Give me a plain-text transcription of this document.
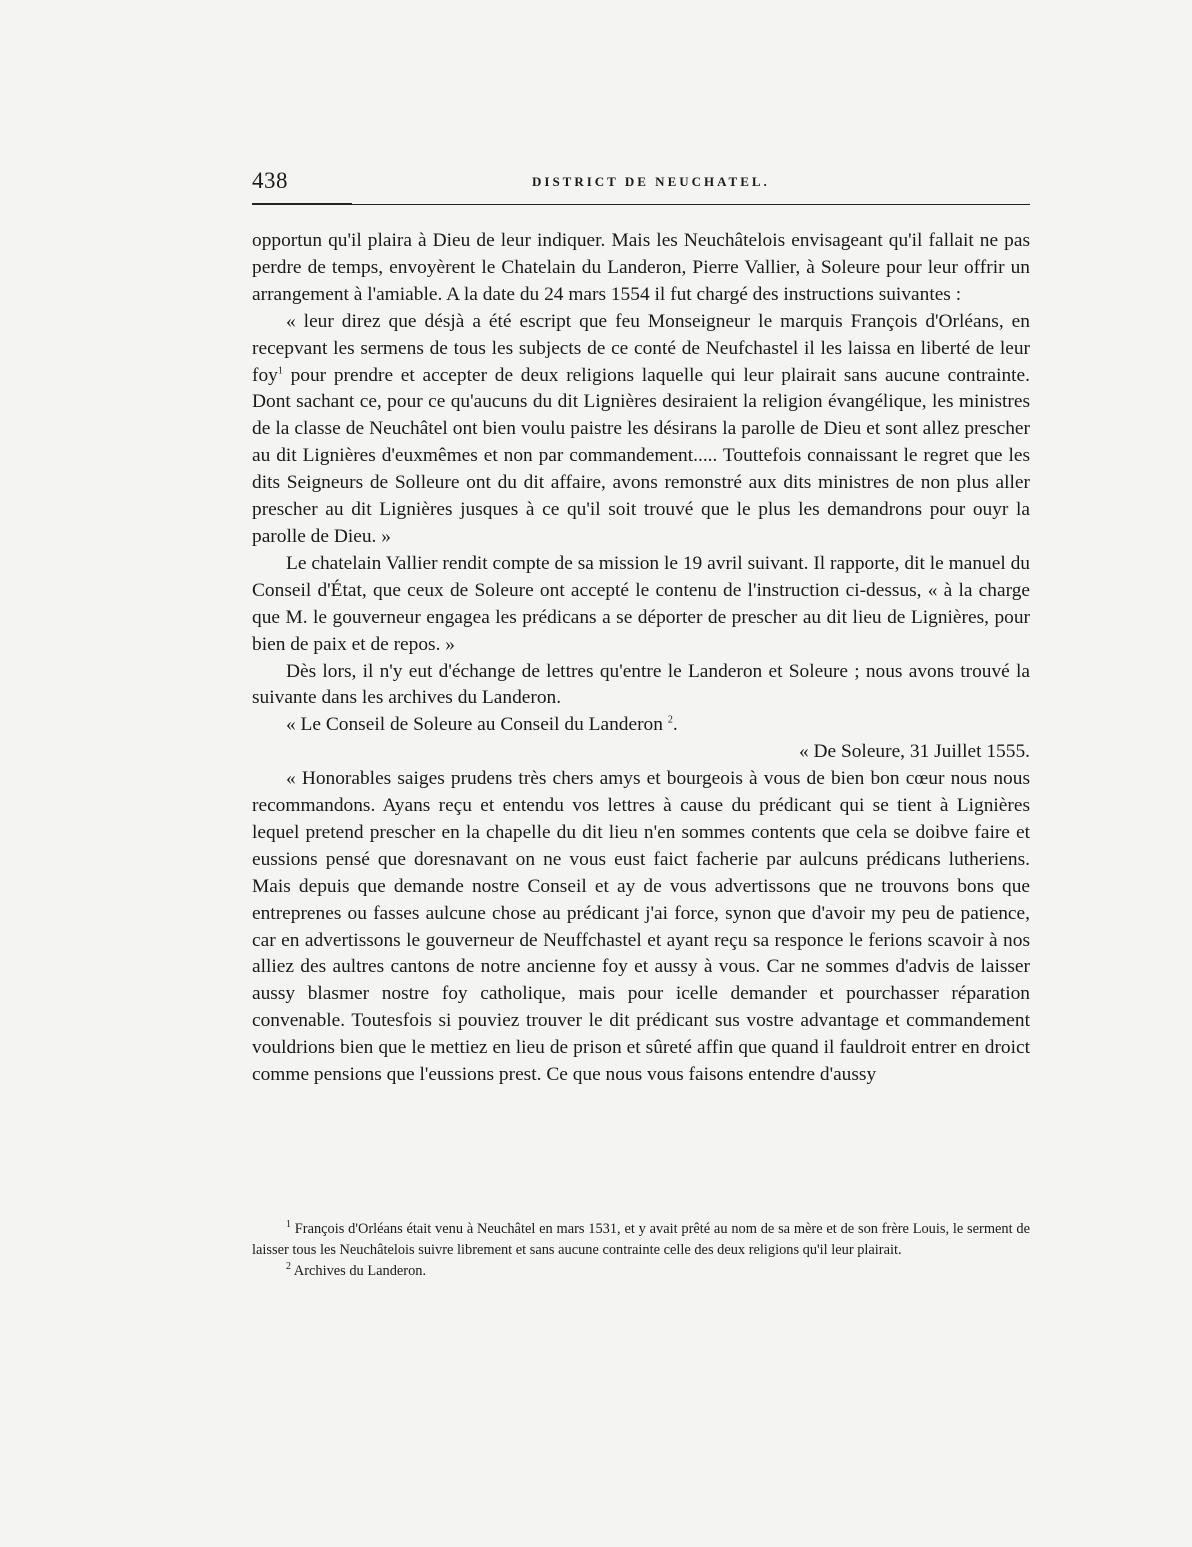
438	DISTRICT DE NEUCHATEL.

opportun qu'il plaira à Dieu de leur indiquer. Mais les Neuchâtelois envisageant qu'il fallait ne pas perdre de temps, envoyèrent le Chatelain du Landeron, Pierre Vallier, à Soleure pour leur offrir un arrangement à l'amiable. A la date du 24 mars 1554 il fut chargé des instructions suivantes :

« leur direz que désjà a été escript que feu Monseigneur le marquis François d'Orléans, en recepvant les sermens de tous les subjects de ce conté de Neufchastel il les laissa en liberté de leur foy$^1$ pour prendre et accepter de deux religions laquelle qui leur plairait sans aucune contrainte. Dont sachant ce, pour ce qu'aucuns du dit Lignières desiraient la religion évangélique, les ministres de la classe de Neuchâtel ont bien voulu paistre les désirans la parolle de Dieu et sont allez prescher au dit Lignières d'euxmêmes et non par commandement..... Touttefois connaissant le regret que les dits Seigneurs de Solleure ont du dit affaire, avons remonstré aux dits ministres de non plus aller prescher au dit Lignières jusques à ce qu'il soit trouvé que le plus les demandrons pour ouyr la parolle de Dieu. »

Le chatelain Vallier rendit compte de sa mission le 19 avril suivant. Il rapporte, dit le manuel du Conseil d'État, que ceux de Soleure ont accepté le contenu de l'instruction ci-dessus, « à la charge que M. le gouverneur engagea les prédicans a se déporter de prescher au dit lieu de Lignières, pour bien de paix et de repos. »

Dès lors, il n'y eut d'échange de lettres qu'entre le Landeron et Soleure ; nous avons trouvé la suivante dans les archives du Landeron.

« Le Conseil de Soleure au Conseil du Landeron $^2$.

« De Soleure, 31 Juillet 1555.

« Honorables saiges prudens très chers amys et bourgeois à vous de bien bon cœur nous nous recommandons. Ayans reçu et entendu vos lettres à cause du prédicant qui se tient à Lignières lequel pretend prescher en la chapelle du dit lieu n'en sommes contents que cela se doibve faire et eussions pensé que doresnavant on ne vous eust faict facherie par aulcuns prédicans lutheriens. Mais depuis que demande nostre Conseil et ay de vous advertissons que ne trouvons bons que entreprenes ou fasses aulcune chose au prédicant j'ai force, synon que d'avoir my peu de patience, car en advertissons le gouverneur de Neuffchastel et ayant reçu sa responce le ferions scavoir à nos alliez des aultres cantons de notre ancienne foy et aussy à vous. Car ne sommes d'advis de laisser aussy blasmer nostre foy catholique, mais pour icelle demander et pourchasser réparation convenable. Toutesfois si pouviez trouver le dit prédicant sus vostre advantage et commandement vouldrions bien que le mettiez en lieu de prison et sûreté affin que quand il fauldroit entrer en droict comme pensions que l'eussions prest. Ce que nous vous faisons entendre d'aussy

$^1$ François d'Orléans était venu à Neuchâtel en mars 1531, et y avait prêté au nom de sa mère et de son frère Louis, le serment de laisser tous les Neuchâtelois suivre librement et sans aucune contrainte celle des deux religions qu'il leur plairait.

$^2$ Archives du Landeron.
